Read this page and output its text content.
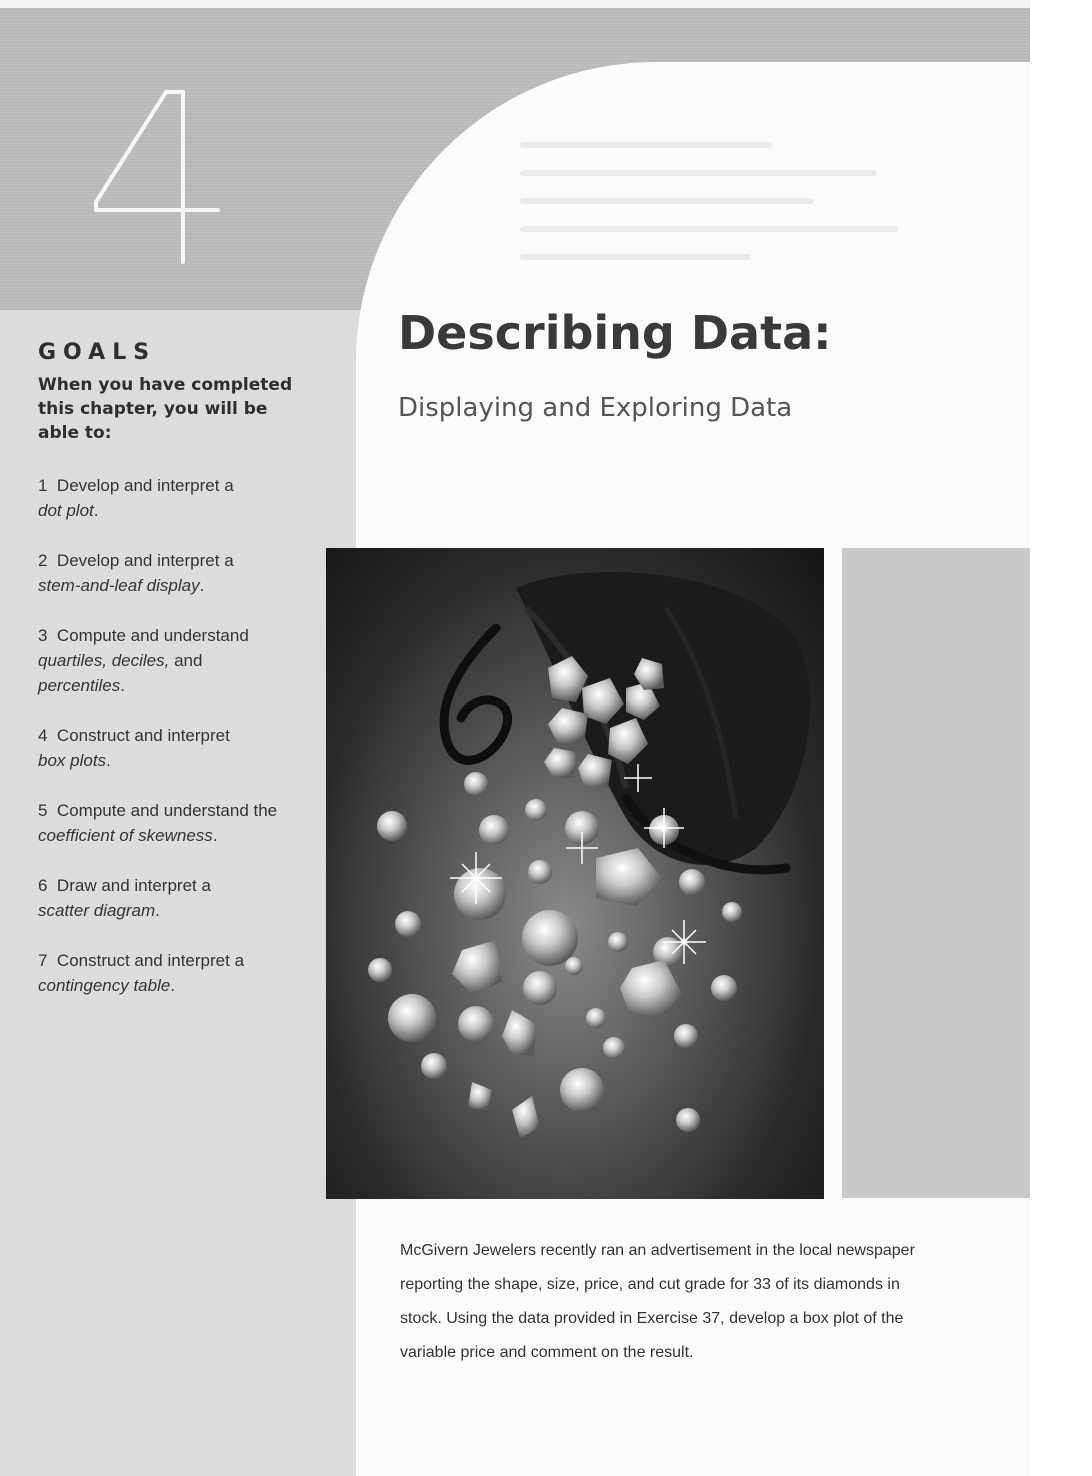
Describing Data:
Displaying and Exploring Data
GOALS
When you have completed this chapter, you will be able to:
1 Develop and interpret a
dot plot.
2 Develop and interpret a
stem-and-leaf display.
3 Compute and understand
quartiles, deciles, and
percentiles.
4 Construct and interpret
box plots.
5 Compute and understand the
coefficient of skewness.
6 Draw and interpret a
scatter diagram.
7 Construct and interpret a
contingency table.

McGivern Jewelers recently ran an advertisement in the local newspaper reporting the shape, size, price, and cut grade for 33 of its diamonds in stock. Using the data provided in Exercise 37, develop a box plot of the variable price and comment on the result.
